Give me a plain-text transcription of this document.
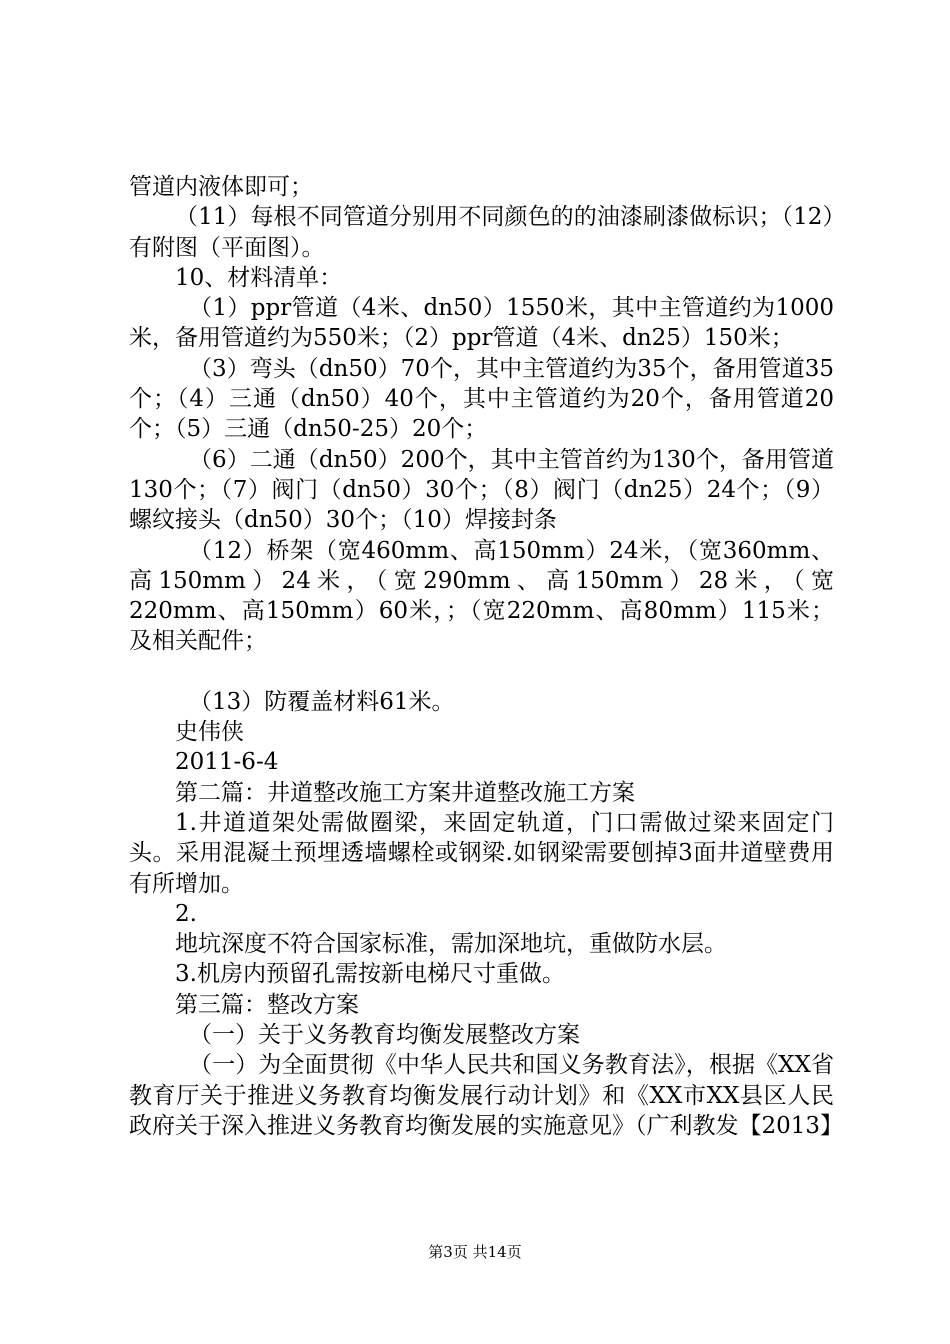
管道内液体即可；

（11）每根不同管道分别用不同颜色的的油漆刷漆做标识；（12）有附图（平面图）。

10、材料清单：

（1）ppr管道（4米、dn50）1550米，其中主管道约为1000米，备用管道约为550米；（2）ppr管道（4米、dn25）150米；

（3）弯头（dn50）70个，其中主管道约为35个，备用管道35个；（4）三通（dn50）40个，其中主管道约为20个，备用管道20个；（5）三通（dn50-25）20个；

（6）二通（dn50）200个，其中主管首约为130个，备用管道130个；（7）阀门（dn50）30个；（8）阀门（dn25）24个；（9）螺纹接头（dn50）30个；（10）焊接封条

（12）桥架（宽460mm、高150mm）24米，（宽360mm、高150mm）24米，（宽290mm、高150mm）28米，（宽220mm、高150mm）60米，；（宽220mm、高80mm）115米；及相关配件；

（13）防覆盖材料61米。

史伟侠

2011-6-4

第二篇：井道整改施工方案井道整改施工方案

1.井道道架处需做圈梁，来固定轨道，门口需做过梁来固定门头。采用混凝土预埋透墙螺栓或钢梁.如钢梁需要刨掉3面井道壁费用有所增加。

2.

地坑深度不符合国家标准，需加深地坑，重做防水层。

3.机房内预留孔需按新电梯尺寸重做。

第三篇：整改方案

（一）关于义务教育均衡发展整改方案

（一）为全面贯彻《中华人民共和国义务教育法》，根据《XX省教育厅关于推进义务教育均衡发展行动计划》和《XX市XX县区人民政府关于深入推进义务教育均衡发展的实施意见》（广利教发【2013】

第3页 共14页
